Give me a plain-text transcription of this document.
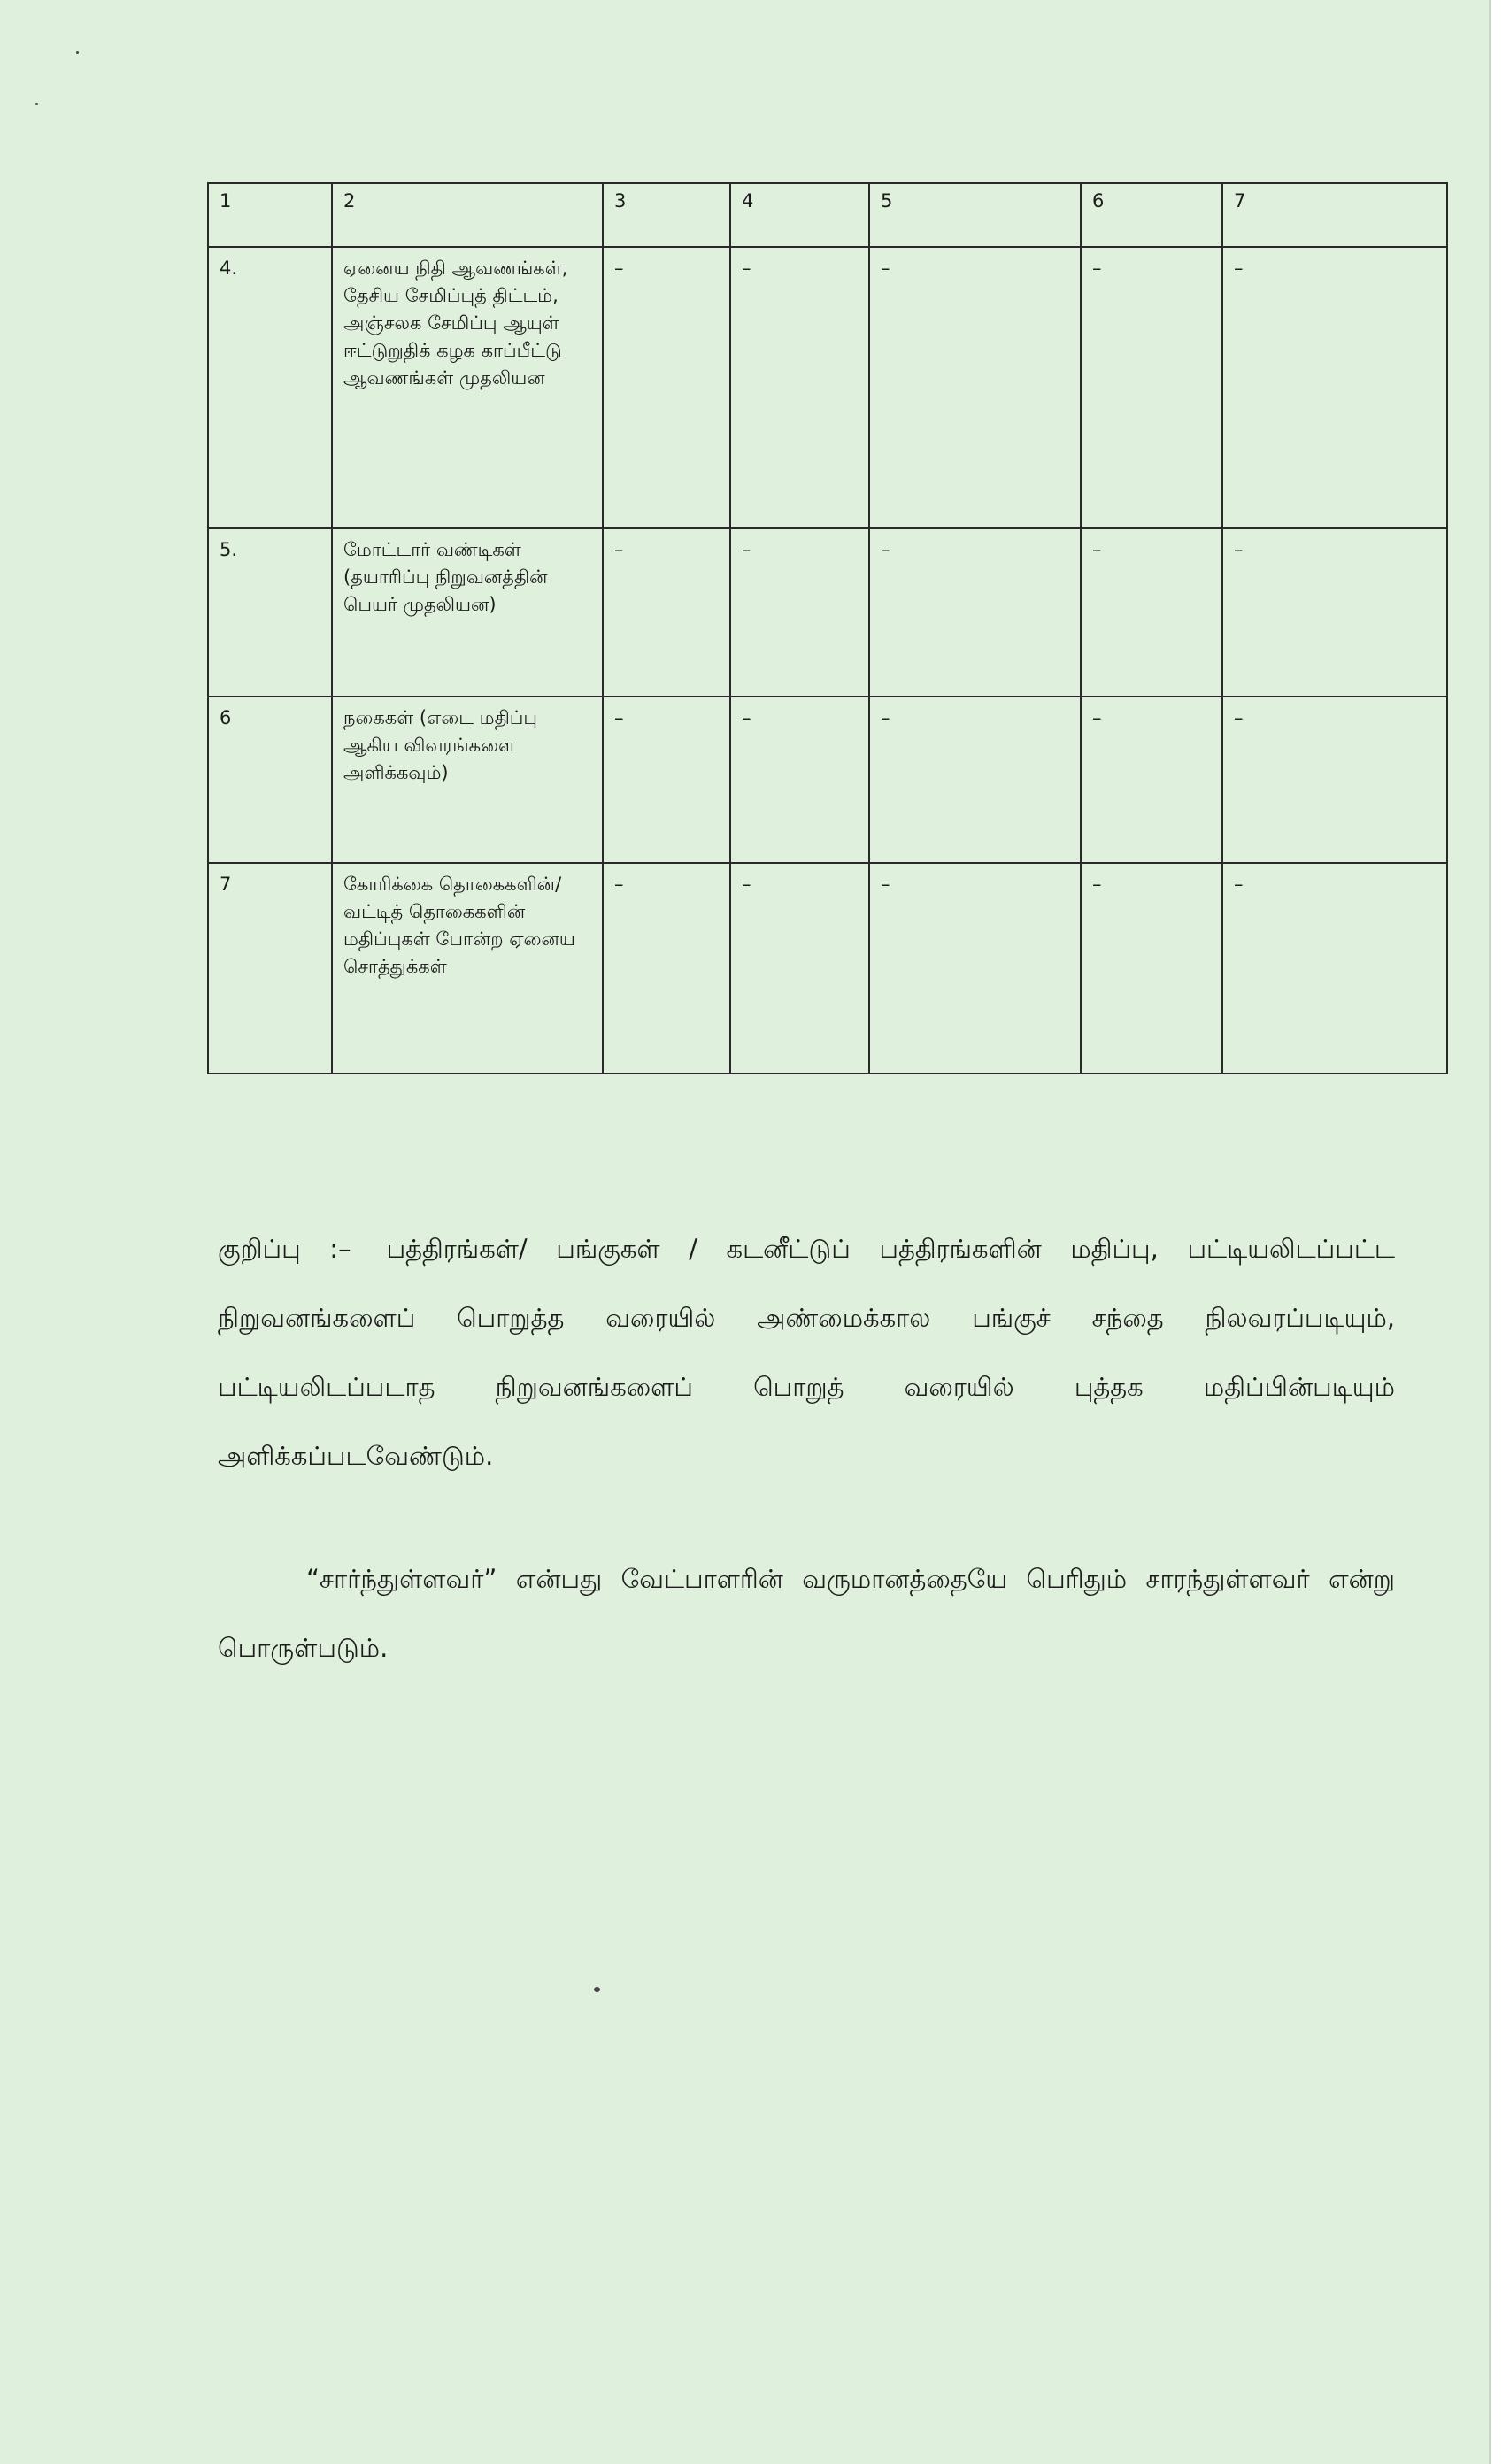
1	2	3	4	5	6	7
4.	ஏனைய நிதி ஆவணங்கள், தேசிய சேமிப்புத் திட்டம், அஞ்சலக சேமிப்பு ஆயுள் ஈட்டுறுதிக் கழக காப்பீட்டு ஆவணங்கள் முதலியன	–	–	–	–	–
5.	மோட்டார் வண்டிகள் (தயாரிப்பு நிறுவனத்தின் பெயர் முதலியன)	–	–	–	–	–
6	நகைகள் (எடை மதிப்பு ஆகிய விவரங்களை அளிக்கவும்)	–	–	–	–	–
7	கோரிக்கை தொகைகளின்/ வட்டித் தொகைகளின் மதிப்புகள் போன்ற ஏனைய சொத்துக்கள்	–	–	–	–	–
குறிப்பு :– பத்திரங்கள்/ பங்குகள் / கடனீட்டுப் பத்திரங்களின் மதிப்பு, பட்டியலிடப்பட்ட நிறுவனங்களைப் பொறுத்த வரையில் அண்மைக்கால பங்குச் சந்தை நிலவரப்படியும், பட்டியலிடப்படாத நிறுவனங்களைப் பொறுத் வரையில் புத்தக மதிப்பின்படியும் அளிக்கப்படவேண்டும்.
“சார்ந்துள்ளவர்” என்பது வேட்பாளரின் வருமானத்தையே பெரிதும் சாரந்துள்ளவர் என்று பொருள்படும்.
